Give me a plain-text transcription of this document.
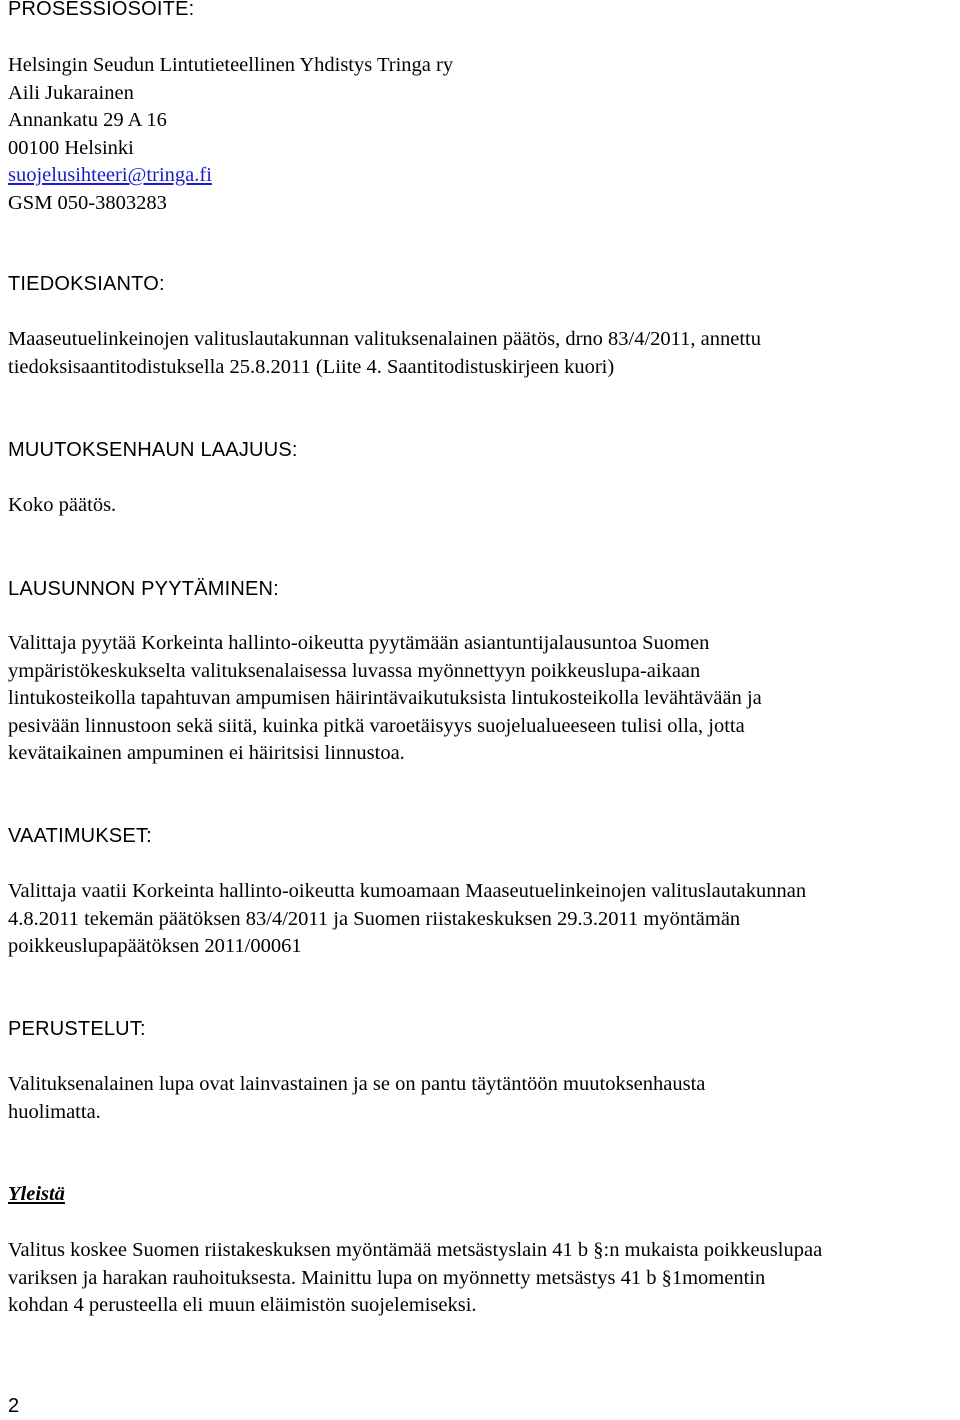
PROSESSIOSOITE:
Helsingin Seudun Lintutieteellinen Yhdistys Tringa ry
Aili Jukarainen
Annankatu 29 A 16
00100 Helsinki
suojelusihteeri@tringa.fi
GSM 050-3803283
TIEDOKSIANTO:
Maaseutuelinkeinojen valituslautakunnan valituksenalainen päätös, drno 83/4/2011, annettu
tiedoksisaantitodistuksella 25.8.2011 (Liite 4. Saantitodistuskirjeen kuori)
MUUTOKSENHAUN LAAJUUS:
Koko päätös.
LAUSUNNON PYYTÄMINEN:
Valittaja pyytää Korkeinta hallinto-oikeutta pyytämään asiantuntijalausuntoa Suomen
ympäristökeskukselta valituksenalaisessa luvassa myönnettyyn poikkeuslupa-aikaan
lintukosteikolla tapahtuvan ampumisen häirintävaikutuksista lintukosteikolla levähtävään ja
pesivään linnustoon sekä siitä, kuinka pitkä varoetäisyys suojelualueeseen tulisi olla, jotta
kevätaikainen ampuminen ei häiritsisi linnustoa.
VAATIMUKSET:
Valittaja vaatii Korkeinta hallinto-oikeutta kumoamaan Maaseutuelinkeinojen valituslautakunnan
4.8.2011 tekemän päätöksen 83/4/2011 ja Suomen riistakeskuksen 29.3.2011 myöntämän
poikkeuslupapäätöksen 2011/00061
PERUSTELUT:
Valituksenalainen lupa ovat lainvastainen ja se on pantu täytäntöön muutoksenhausta
huolimatta.
Yleistä
Valitus koskee Suomen riistakeskuksen myöntämää metsästyslain 41 b §:n mukaista poikkeuslupaa
variksen ja harakan rauhoituksesta. Mainittu lupa on myönnetty metsästys 41 b §1momentin
kohdan 4 perusteella eli muun eläimistön suojelemiseksi.
2
